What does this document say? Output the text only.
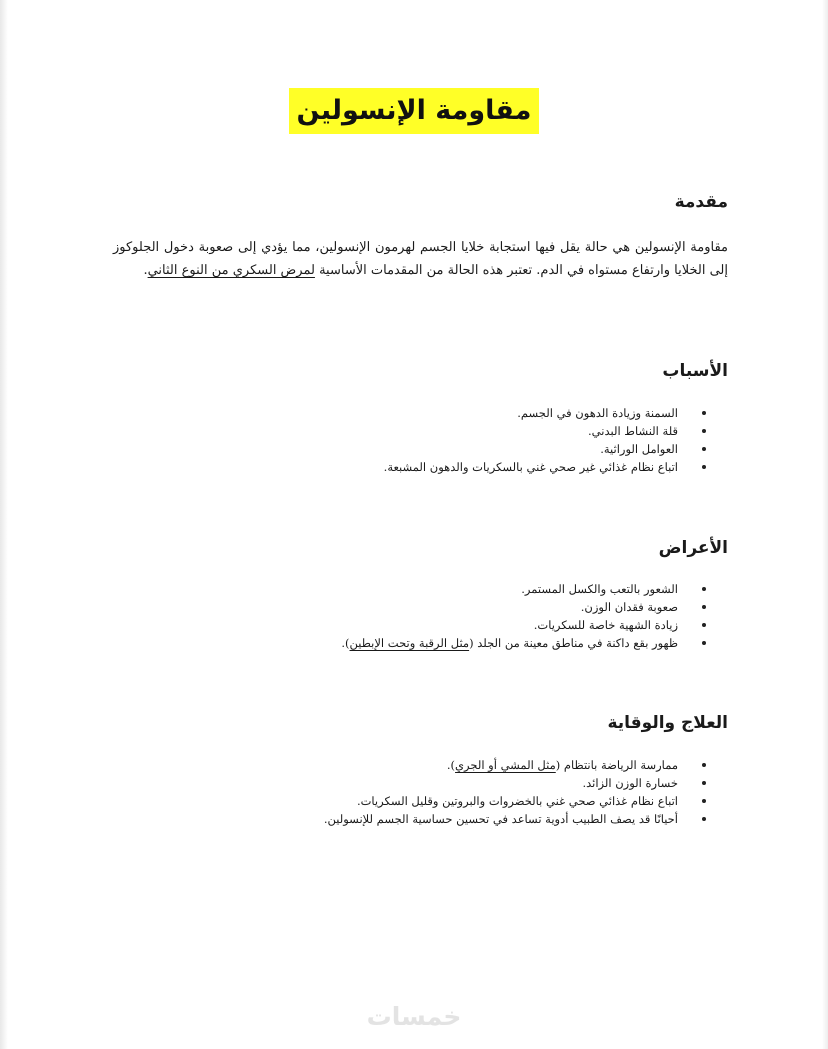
مقاومة الإنسولين
مقدمة

مقاومة الإنسولين هي حالة يقل فيها استجابة خلايا الجسم لهرمون الإنسولين، مما يؤدي إلى صعوبة دخول الجلوكوز إلى الخلايا وارتفاع مستواه في الدم. تعتبر هذه الحالة من المقدمات الأساسية لمرض السكري من النوع الثاني.

الأسباب
السمنة وزيادة الدهون في الجسم.
قلة النشاط البدني.
العوامل الوراثية.
اتباع نظام غذائي غير صحي غني بالسكريات والدهون المشبعة.
الأعراض
الشعور بالتعب والكسل المستمر.
صعوبة فقدان الوزن.
زيادة الشهية خاصة للسكريات.
ظهور بقع داكنة في مناطق معينة من الجلد (مثل الرقبة وتحت الإبطين).
العلاج والوقاية
ممارسة الرياضة بانتظام (مثل المشي أو الجري).
خسارة الوزن الزائد.
اتباع نظام غذائي صحي غني بالخضروات والبروتين وقليل السكريات.
أحيانًا قد يصف الطبيب أدوية تساعد في تحسين حساسية الجسم للإنسولين.
خمسات
